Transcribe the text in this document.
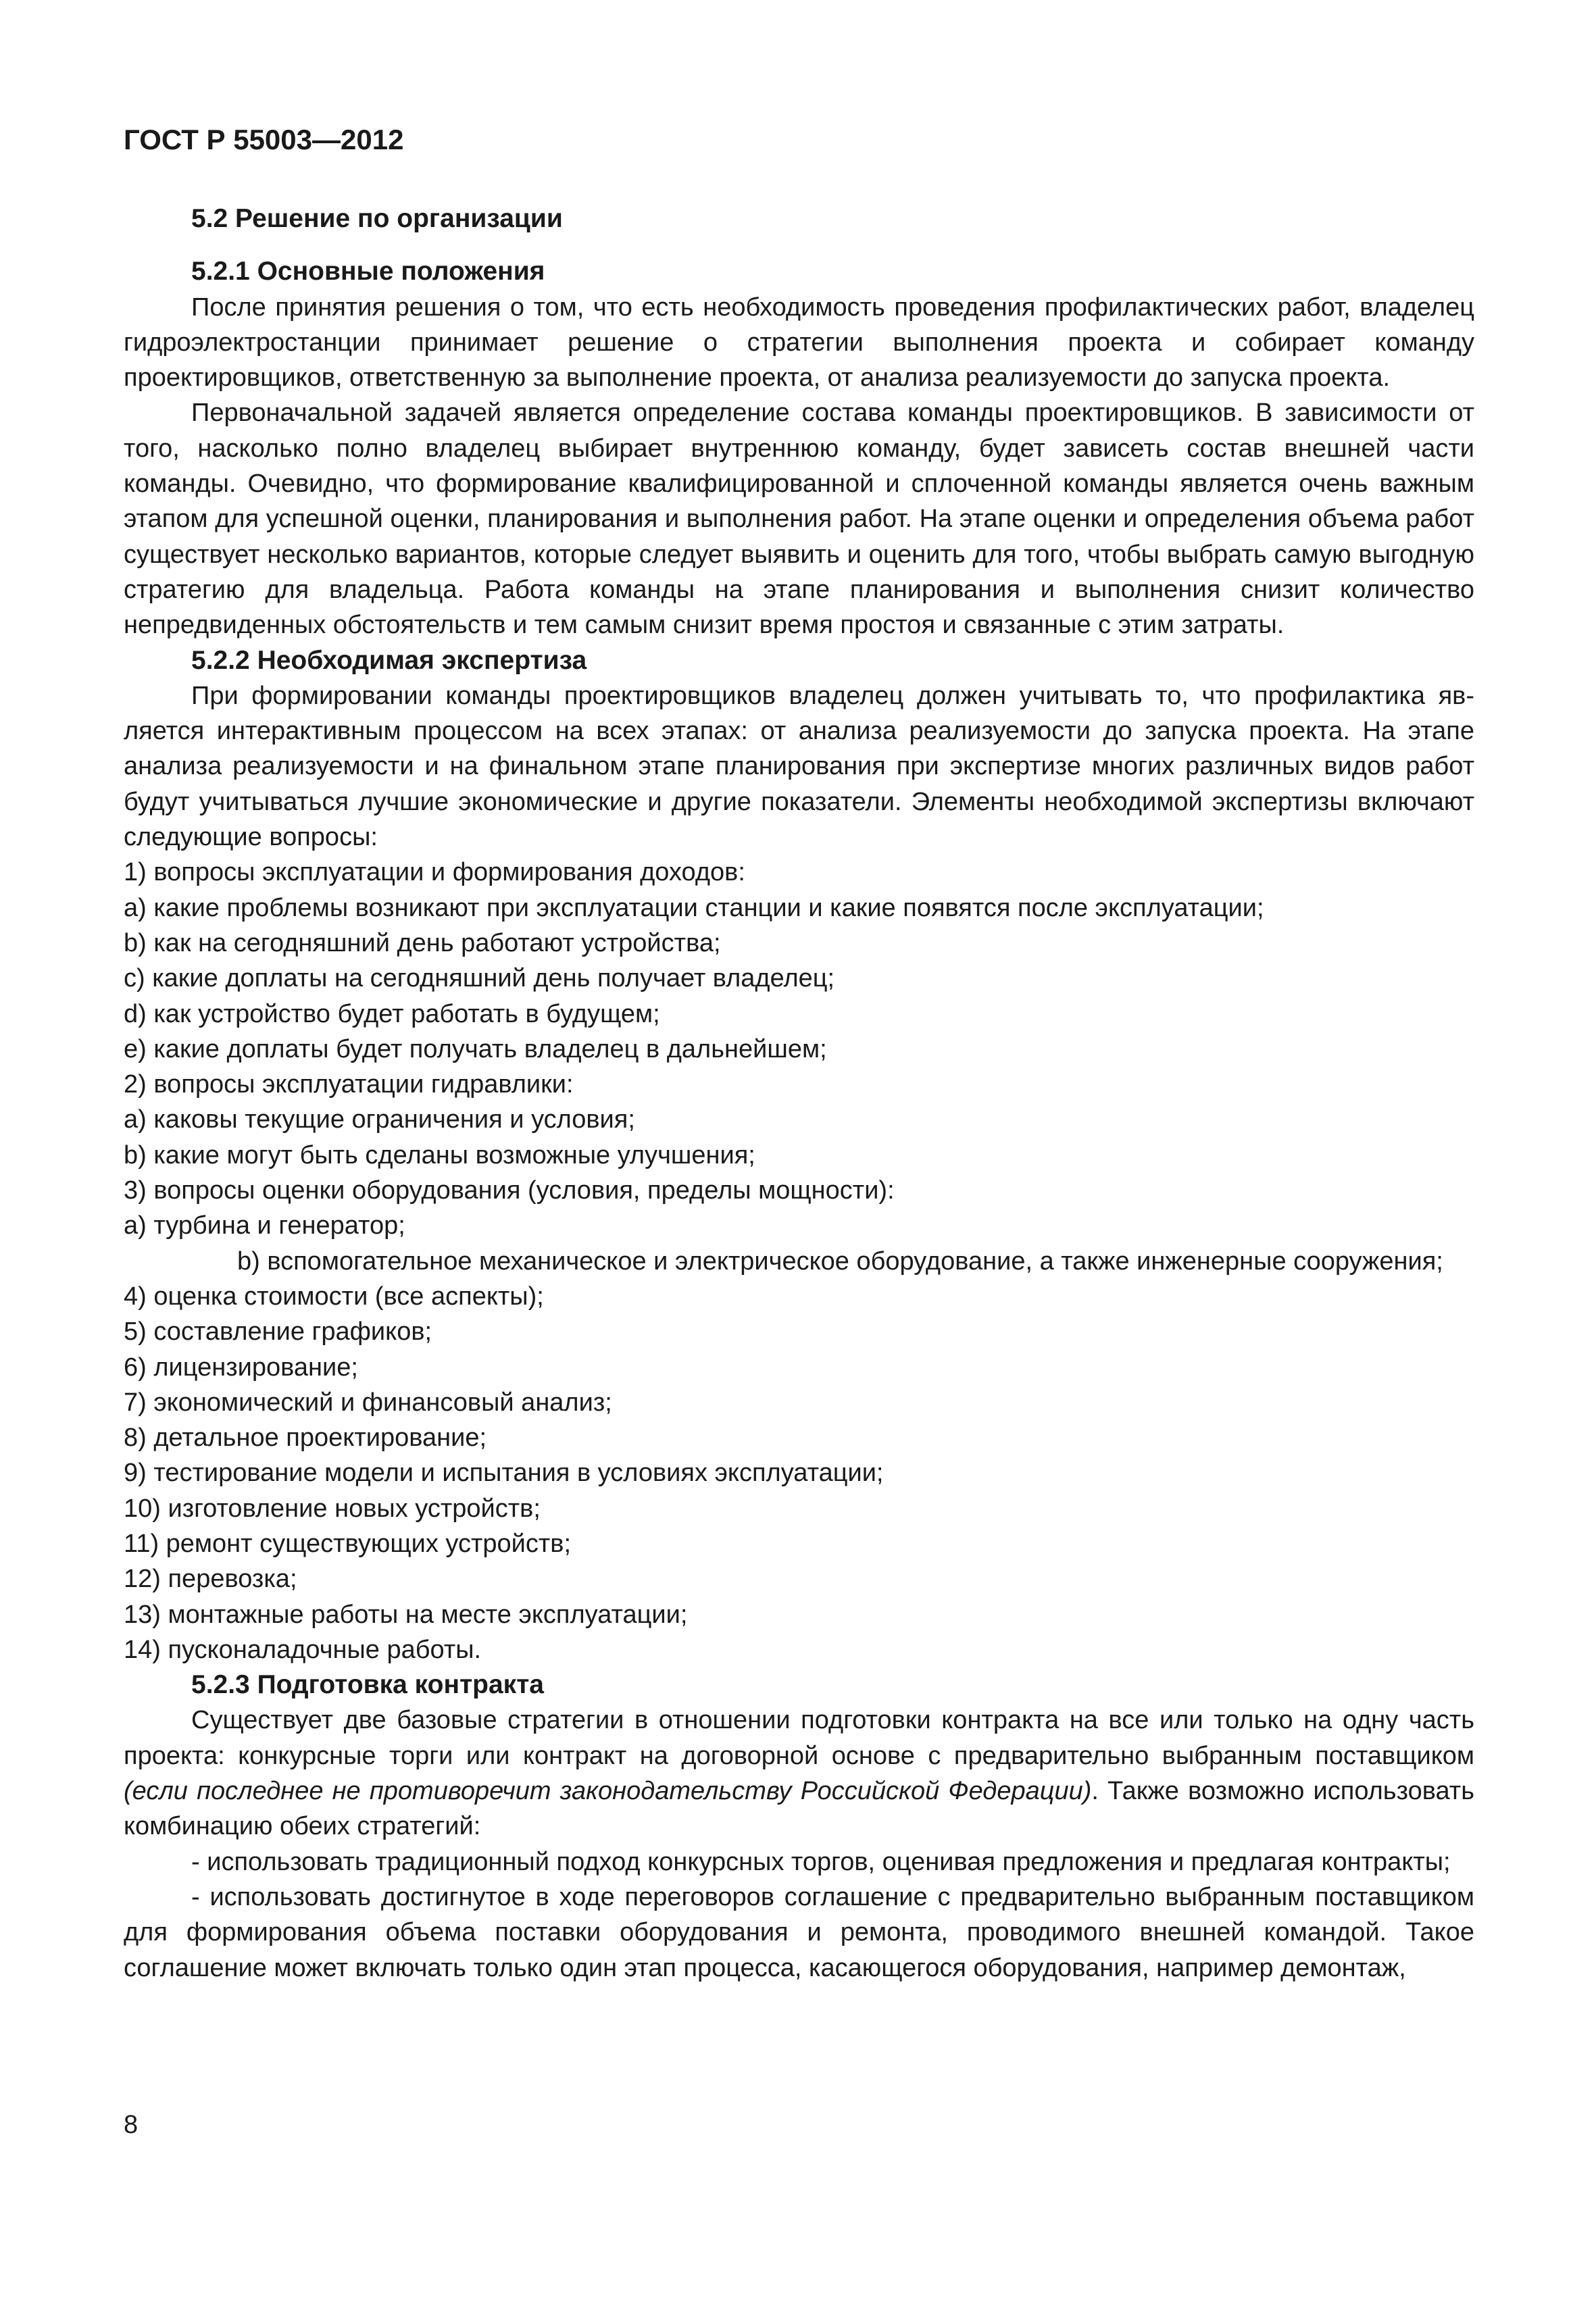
ГОСТ Р 55003—2012

5.2 Решение по организации

5.2.1 Основные положения

После принятия решения о том, что есть необходимость проведения профилактических работ, владелец гидроэлектростанции принимает решение о стратегии выполнения проекта и собирает команду проектировщиков, ответственную за выполнение проекта, от анализа реализуемости до запуска проекта.

Первоначальной задачей является определение состава команды проектировщиков. В зависимости от того, насколько полно владелец выбирает внутреннюю команду, будет зависеть состав внешней части команды. Очевидно, что формирование квалифицированной и сплоченной команды является очень важным этапом для успешной оценки, планирования и выполнения работ. На этапе оценки и определения объема работ существует несколько вариантов, которые следует выявить и оценить для того, чтобы выбрать самую выгодную стратегию для владельца. Работа команды на этапе планирования и выполнения снизит количество непредвиденных обстоятельств и тем самым снизит время простоя и связанные с этим затраты.

5.2.2 Необходимая экспертиза

При формировании команды проектировщиков владелец должен учитывать то, что профилактика является интерактивным процессом на всех этапах: от анализа реализуемости до запуска проекта. На этапе анализа реализуемости и на финальном этапе планирования при экспертизе многих различных видов работ будут учитываться лучшие экономические и другие показатели. Элементы необходимой экспертизы включают следующие вопросы:

1) вопросы эксплуатации и формирования доходов:

a) какие проблемы возникают при эксплуатации станции и какие появятся после эксплуатации;

b) как на сегодняшний день работают устройства;

c) какие доплаты на сегодняшний день получает владелец;

d) как устройство будет работать в будущем;

e) какие доплаты будет получать владелец в дальнейшем;

2) вопросы эксплуатации гидравлики:

a) каковы текущие ограничения и условия;

b) какие могут быть сделаны возможные улучшения;

3) вопросы оценки оборудования (условия, пределы мощности):

a) турбина и генератор;

b) вспомогательное механическое и электрическое оборудование, а также инженерные сооружения;

4) оценка стоимости (все аспекты);

5) составление графиков;

6) лицензирование;

7) экономический и финансовый анализ;

8) детальное проектирование;

9) тестирование модели и испытания в условиях эксплуатации;

10) изготовление новых устройств;

11) ремонт существующих устройств;

12) перевозка;

13) монтажные работы на месте эксплуатации;

14) пусконаладочные работы.

5.2.3 Подготовка контракта

Существует две базовые стратегии в отношении подготовки контракта на все или только на одну часть проекта: конкурсные торги или контракт на договорной основе с предварительно выбранным поставщиком (если последнее не противоречит законодательству Российской Федерации). Также возможно использовать комбинацию обеих стратегий:

- использовать традиционный подход конкурсных торгов, оценивая предложения и предлагая контракты;

- использовать достигнутое в ходе переговоров соглашение с предварительно выбранным поставщиком для формирования объема поставки оборудования и ремонта, проводимого внешней командой. Такое соглашение может включать только один этап процесса, касающегося оборудования, например демонтаж,

8
